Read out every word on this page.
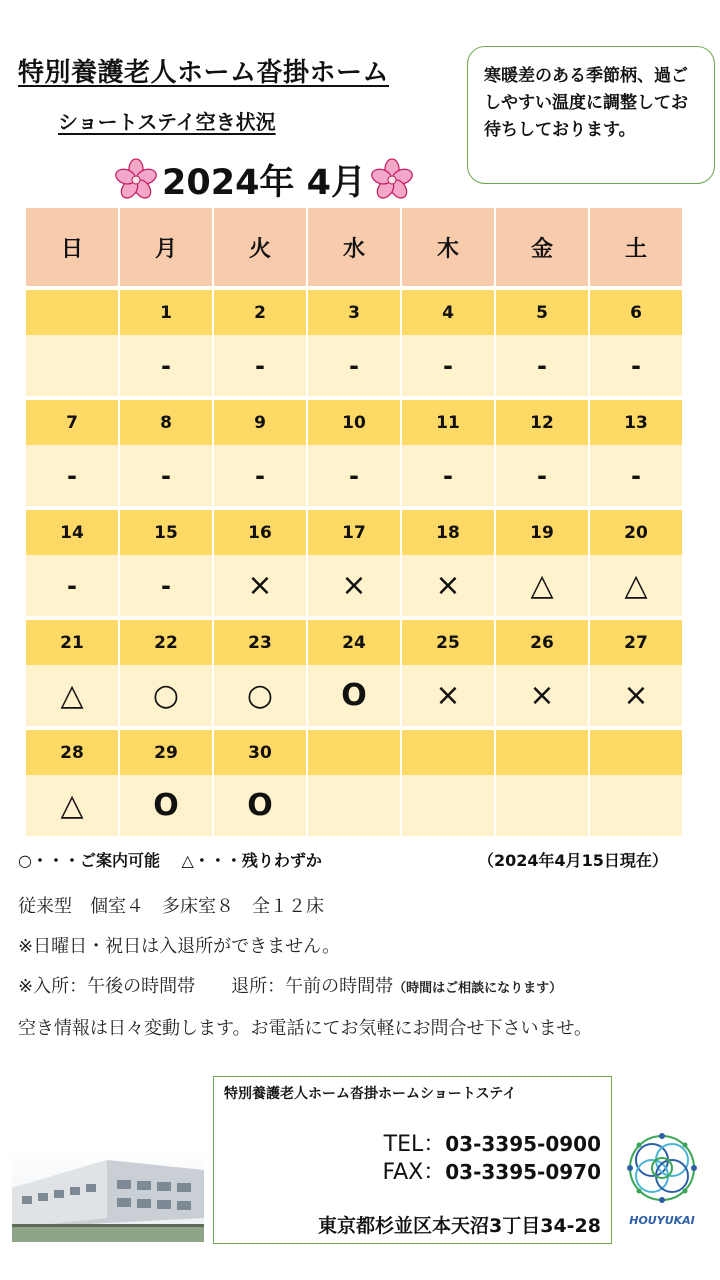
特別養護老人ホーム沓掛ホーム
ショートステイ空き状況
寒暖差のある季節柄、過ごしやすい温度に調整してお待ちしております。
2024年 4月
日	月	火	水	木	金	土

	1	2	3	4	5	6
	-	-	-	-	-	-

7	8	9	10	11	12	13
-	-	-	-	-	-	-

14	15	16	17	18	19	20
-	-	×	×	×	△	△

21	22	23	24	25	26	27
△	○	○	O	×	×	×

28	29	30				
△	O	O				
○・・・ご案内可能　 △・・・残りわずか	（2024年4月15日現在）
従来型　個室４　多床室８　全１２床
※日曜日・祝日は入退所ができません。
※入所：午後の時間帯　　退所：午前の時間帯（時間はご相談になります）
空き情報は日々変動します。お電話にてお気軽にお問合せ下さいませ。
特別養護老人ホーム沓掛ホームショートステイ
TEL：03-3395-0900
FAX：03-3395-0970
東京都杉並区本天沼3丁目34-28	HOUYUKAI
